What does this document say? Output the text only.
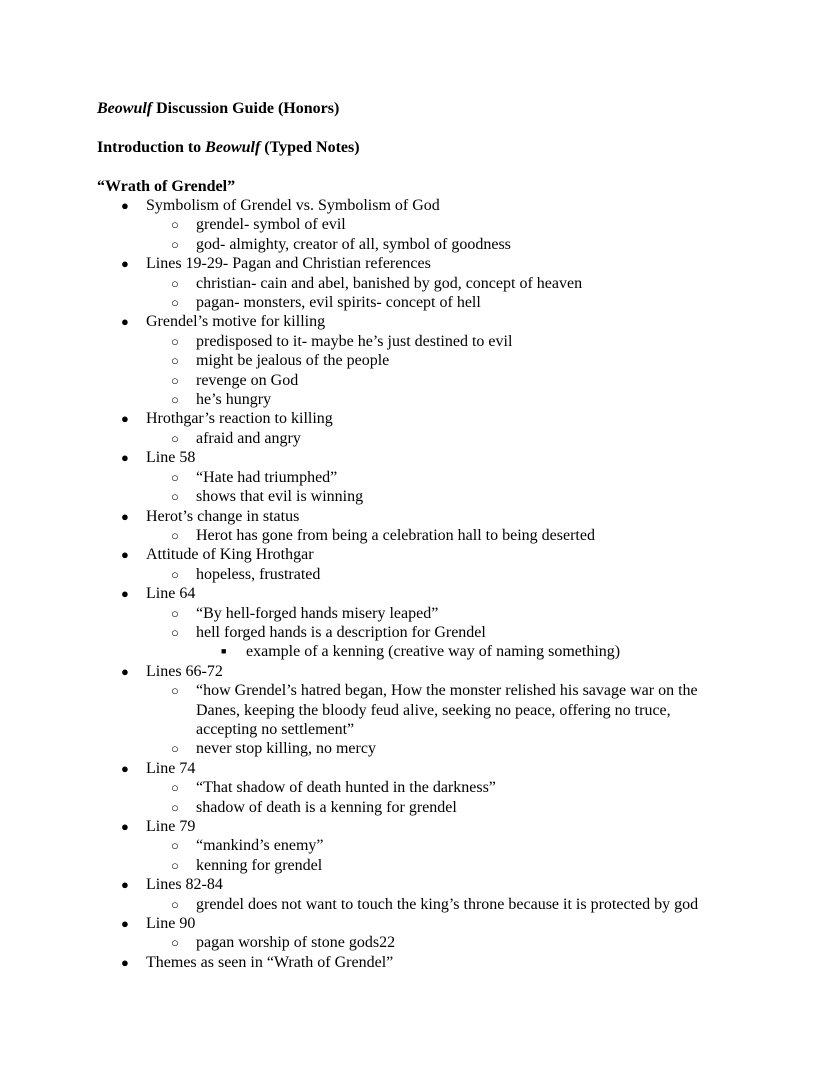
Beowulf Discussion Guide (Honors)

Introduction to Beowulf (Typed Notes)

“Wrath of Grendel”

● Symbolism of Grendel vs. Symbolism of God
○ grendel- symbol of evil
○ god- almighty, creator of all, symbol of goodness
● Lines 19-29- Pagan and Christian references
○ christian- cain and abel, banished by god, concept of heaven
○ pagan- monsters, evil spirits- concept of hell
● Grendel’s motive for killing
○ predisposed to it- maybe he’s just destined to evil
○ might be jealous of the people
○ revenge on God
○ he’s hungry
● Hrothgar’s reaction to killing
○ afraid and angry
● Line 58
○ “Hate had triumphed”
○ shows that evil is winning
● Herot’s change in status
○ Herot has gone from being a celebration hall to being deserted
● Attitude of King Hrothgar
○ hopeless, frustrated
● Line 64
○ “By hell-forged hands misery leaped”
○ hell forged hands is a description for Grendel
■ example of a kenning (creative way of naming something)
● Lines 66-72
○ “how Grendel’s hatred began, How the monster relished his savage war on the Danes, keeping the bloody feud alive, seeking no peace, offering no truce, accepting no settlement”
○ never stop killing, no mercy
● Line 74
○ “That shadow of death hunted in the darkness”
○ shadow of death is a kenning for grendel
● Line 79
○ “mankind’s enemy”
○ kenning for grendel
● Lines 82-84
○ grendel does not want to touch the king’s throne because it is protected by god
● Line 90
○ pagan worship of stone gods22
● Themes as seen in “Wrath of Grendel”
